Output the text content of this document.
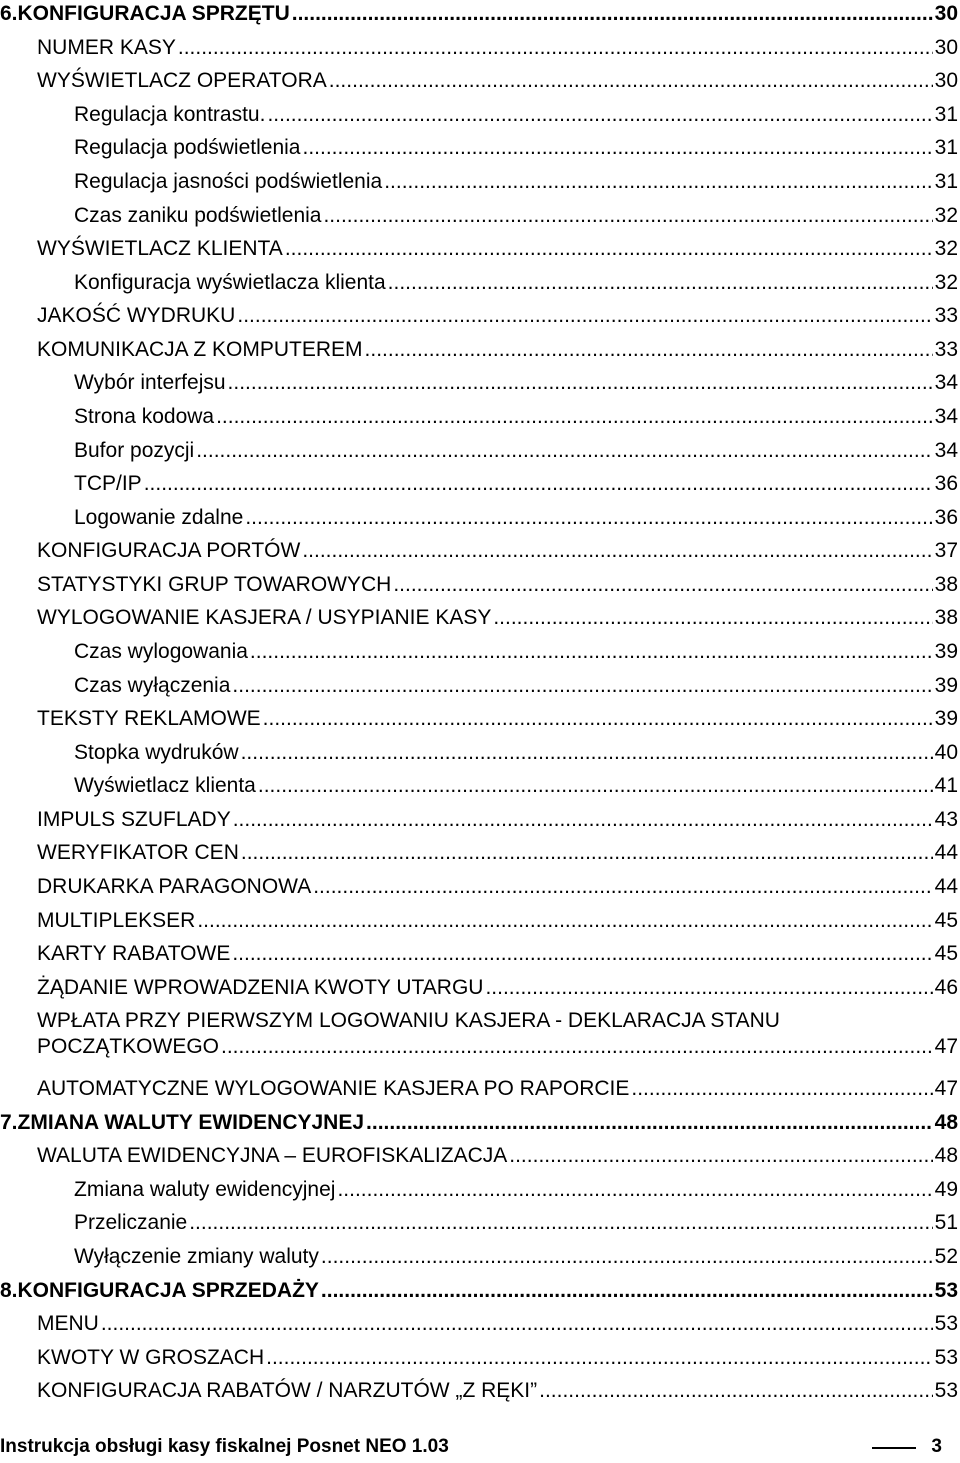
6.KONFIGURACJA SPRZĘTU .....	30
NUMER KASY .....	30
WYŚWIETLACZ OPERATORA .....	30
Regulacja kontrastu. .....	31
Regulacja podświetlenia .....	31
Regulacja jasności podświetlenia .....	31
Czas zaniku podświetlenia .....	32
WYŚWIETLACZ KLIENTA .....	32
Konfiguracja wyświetlacza klienta .....	32
JAKOŚĆ WYDRUKU .....	33
KOMUNIKACJA Z KOMPUTEREM .....	33
Wybór interfejsu .....	34
Strona kodowa .....	34
Bufor pozycji .....	34
TCP/IP .....	36
Logowanie zdalne .....	36
KONFIGURACJA PORTÓW .....	37
STATYSTYKI GRUP TOWAROWYCH .....	38
WYLOGOWANIE KASJERA / USYPIANIE KASY .....	38
Czas wylogowania .....	39
Czas wyłączenia .....	39
TEKSTY REKLAMOWE .....	39
Stopka wydruków .....	40
Wyświetlacz klienta .....	41
IMPULS SZUFLADY .....	43
WERYFIKATOR CEN .....	44
DRUKARKA PARAGONOWA .....	44
MULTIPLEKSER .....	45
KARTY RABATOWE .....	45
ŻĄDANIE WPROWADZENIA KWOTY UTARGU .....	46
WPŁATA PRZY PIERWSZYM LOGOWANIU KASJERA - DEKLARACJA STANU
POCZĄTKOWEGO .....	47
AUTOMATYCZNE WYLOGOWANIE KASJERA PO RAPORCIE .....	47
7.ZMIANA WALUTY EWIDENCYJNEJ .....	48
WALUTA EWIDENCYJNA – EUROFISKALIZACJA .....	48
Zmiana waluty ewidencyjnej .....	49
Przeliczanie .....	51
Wyłączenie zmiany waluty .....	52
8.KONFIGURACJA SPRZEDAŻY .....	53
MENU .....	53
KWOTY W GROSZACH .....	53
KONFIGURACJA RABATÓW / NARZUTÓW „Z RĘKI” .....	53
Instrukcja obsługi kasy fiskalnej Posnet NEO 1.03	3
